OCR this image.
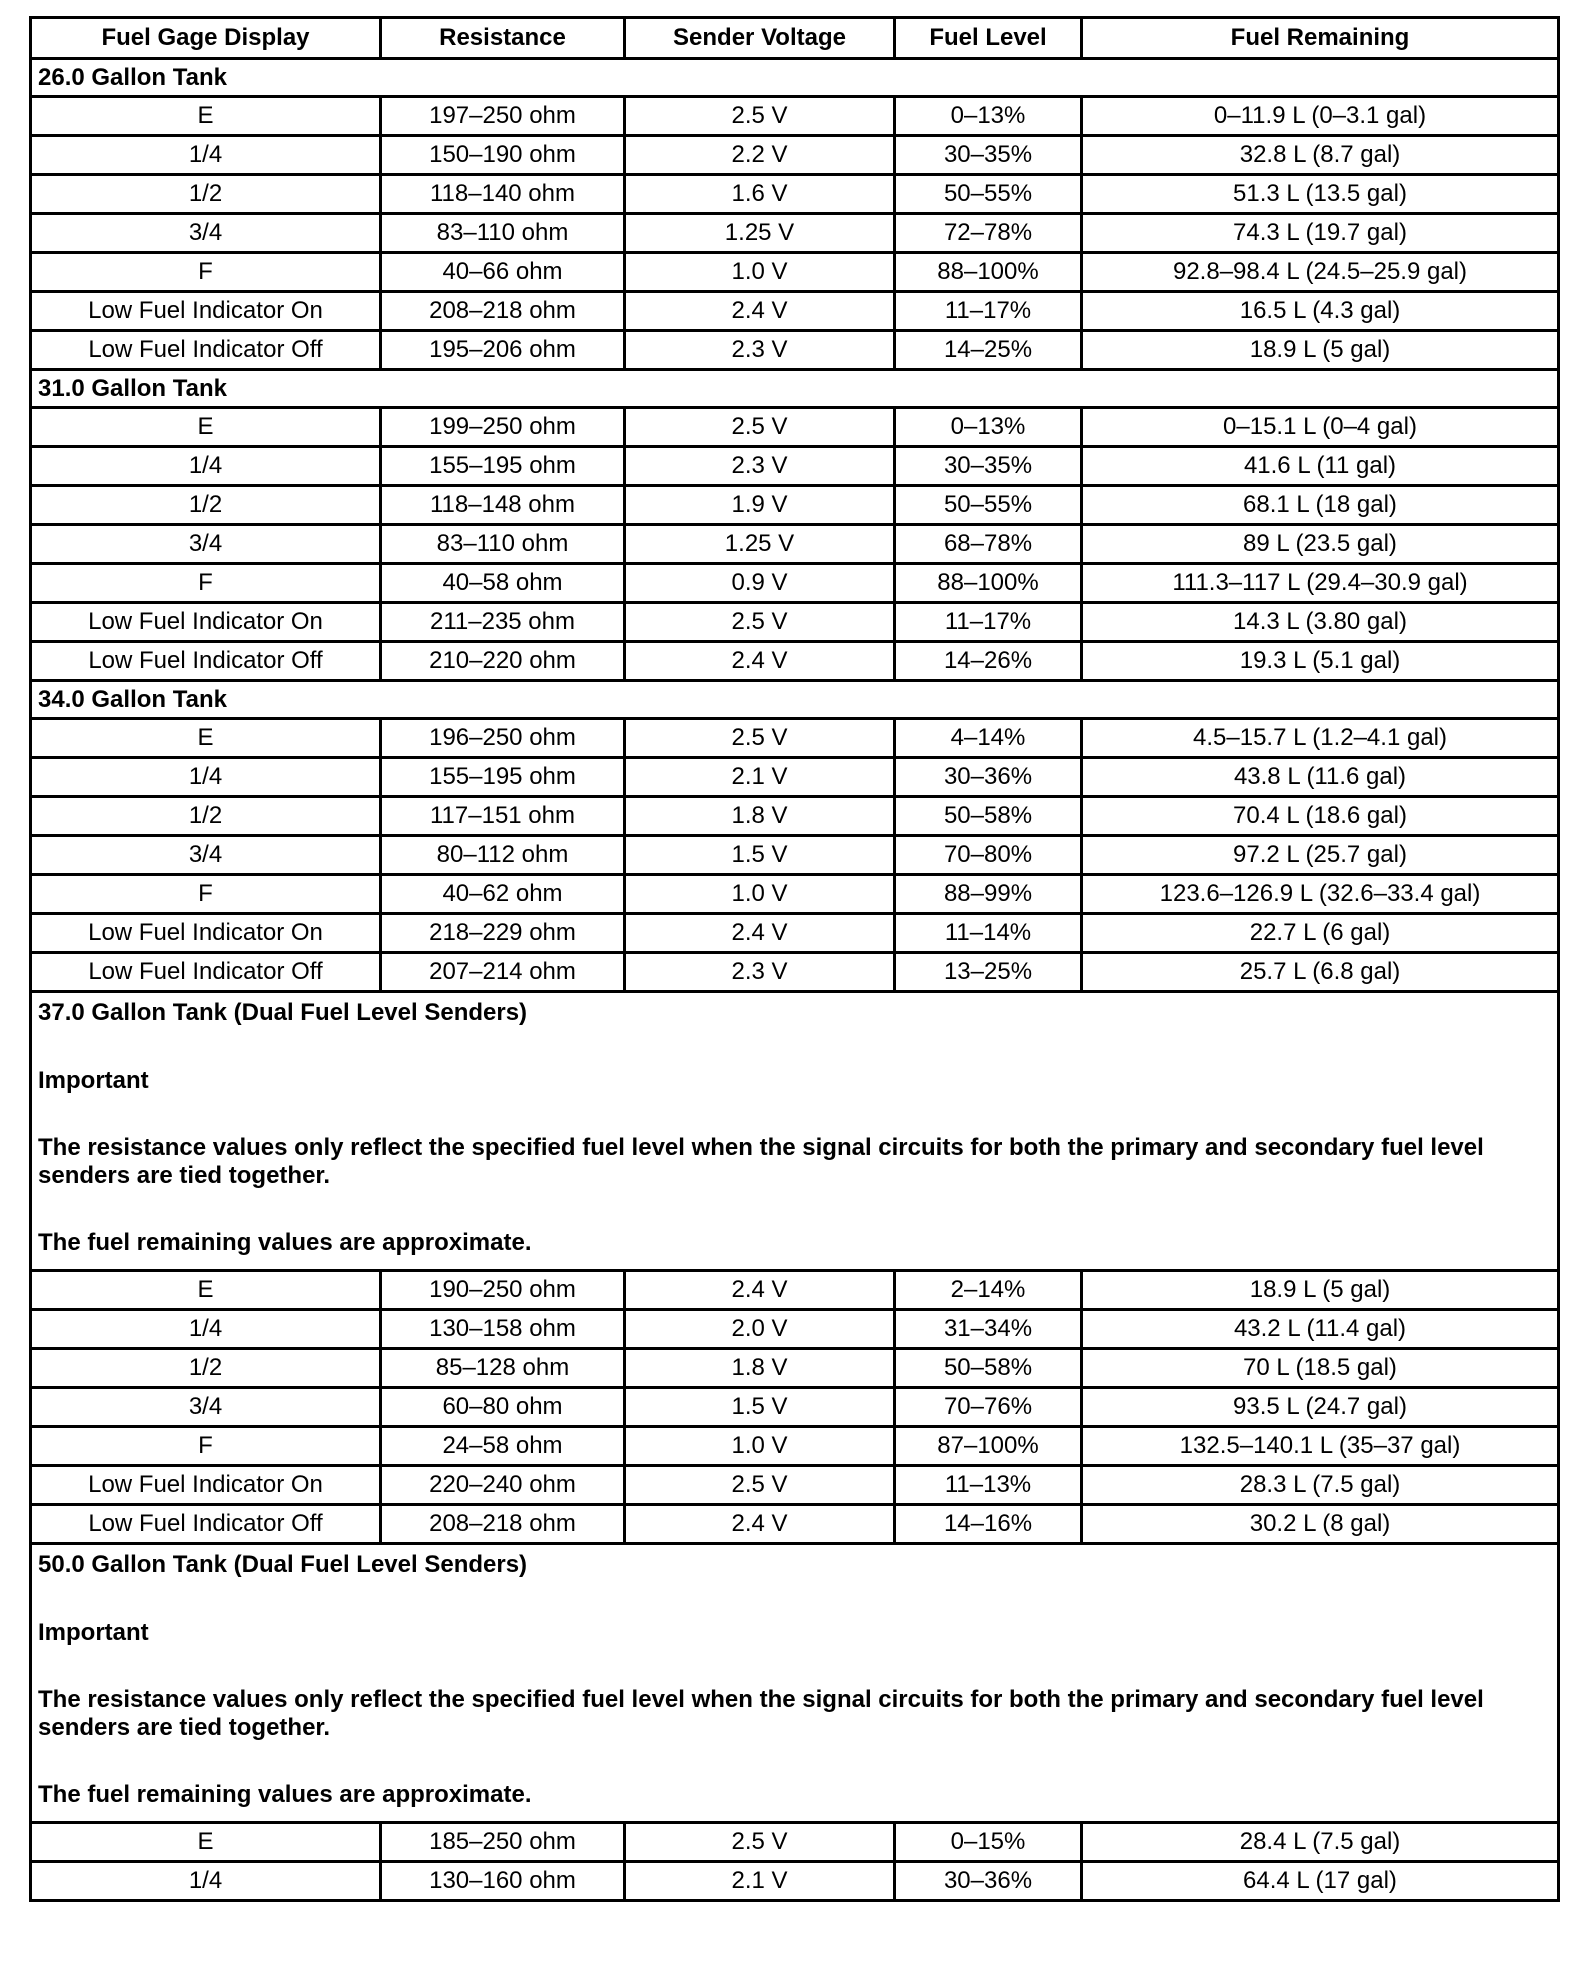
Fuel Gage Display	Resistance	Sender Voltage	Fuel Level	Fuel Remaining
26.0 Gallon Tank				
E	197–250 ohm	2.5 V	0–13%	0–11.9 L (0–3.1 gal)
1/4	150–190 ohm	2.2 V	30–35%	32.8 L (8.7 gal)
1/2	118–140 ohm	1.6 V	50–55%	51.3 L (13.5 gal)
3/4	83–110 ohm	1.25 V	72–78%	74.3 L (19.7 gal)
F	40–66 ohm	1.0 V	88–100%	92.8–98.4 L (24.5–25.9 gal)
Low Fuel Indicator On	208–218 ohm	2.4 V	11–17%	16.5 L (4.3 gal)
Low Fuel Indicator Off	195–206 ohm	2.3 V	14–25%	18.9 L (5 gal)
31.0 Gallon Tank				
E	199–250 ohm	2.5 V	0–13%	0–15.1 L (0–4 gal)
1/4	155–195 ohm	2.3 V	30–35%	41.6 L (11 gal)
1/2	118–148 ohm	1.9 V	50–55%	68.1 L (18 gal)
3/4	83–110 ohm	1.25 V	68–78%	89 L (23.5 gal)
F	40–58 ohm	0.9 V	88–100%	111.3–117 L (29.4–30.9 gal)
Low Fuel Indicator On	211–235 ohm	2.5 V	11–17%	14.3 L (3.80 gal)
Low Fuel Indicator Off	210–220 ohm	2.4 V	14–26%	19.3 L (5.1 gal)
34.0 Gallon Tank				
E	196–250 ohm	2.5 V	4–14%	4.5–15.7 L (1.2–4.1 gal)
1/4	155–195 ohm	2.1 V	30–36%	43.8 L (11.6 gal)
1/2	117–151 ohm	1.8 V	50–58%	70.4 L (18.6 gal)
3/4	80–112 ohm	1.5 V	70–80%	97.2 L (25.7 gal)
F	40–62 ohm	1.0 V	88–99%	123.6–126.9 L (32.6–33.4 gal)
Low Fuel Indicator On	218–229 ohm	2.4 V	11–14%	22.7 L (6 gal)
Low Fuel Indicator Off	207–214 ohm	2.3 V	13–25%	25.7 L (6.8 gal)

37.0 Gallon Tank (Dual Fuel Level Senders)

Important

The resistance values only reflect the specified fuel level when the signal circuits for both the primary and secondary fuel level senders are tied together.

The fuel remaining values are approximate.				

E	190–250 ohm	2.4 V	2–14%	18.9 L (5 gal)
1/4	130–158 ohm	2.0 V	31–34%	43.2 L (11.4 gal)
1/2	85–128 ohm	1.8 V	50–58%	70 L (18.5 gal)
3/4	60–80 ohm	1.5 V	70–76%	93.5 L (24.7 gal)
F	24–58 ohm	1.0 V	87–100%	132.5–140.1 L (35–37 gal)
Low Fuel Indicator On	220–240 ohm	2.5 V	11–13%	28.3 L (7.5 gal)
Low Fuel Indicator Off	208–218 ohm	2.4 V	14–16%	30.2 L (8 gal)

50.0 Gallon Tank (Dual Fuel Level Senders)

Important

The resistance values only reflect the specified fuel level when the signal circuits for both the primary and secondary fuel level senders are tied together.

The fuel remaining values are approximate.				

E	185–250 ohm	2.5 V	0–15%	28.4 L (7.5 gal)
1/4	130–160 ohm	2.1 V	30–36%	64.4 L (17 gal)
